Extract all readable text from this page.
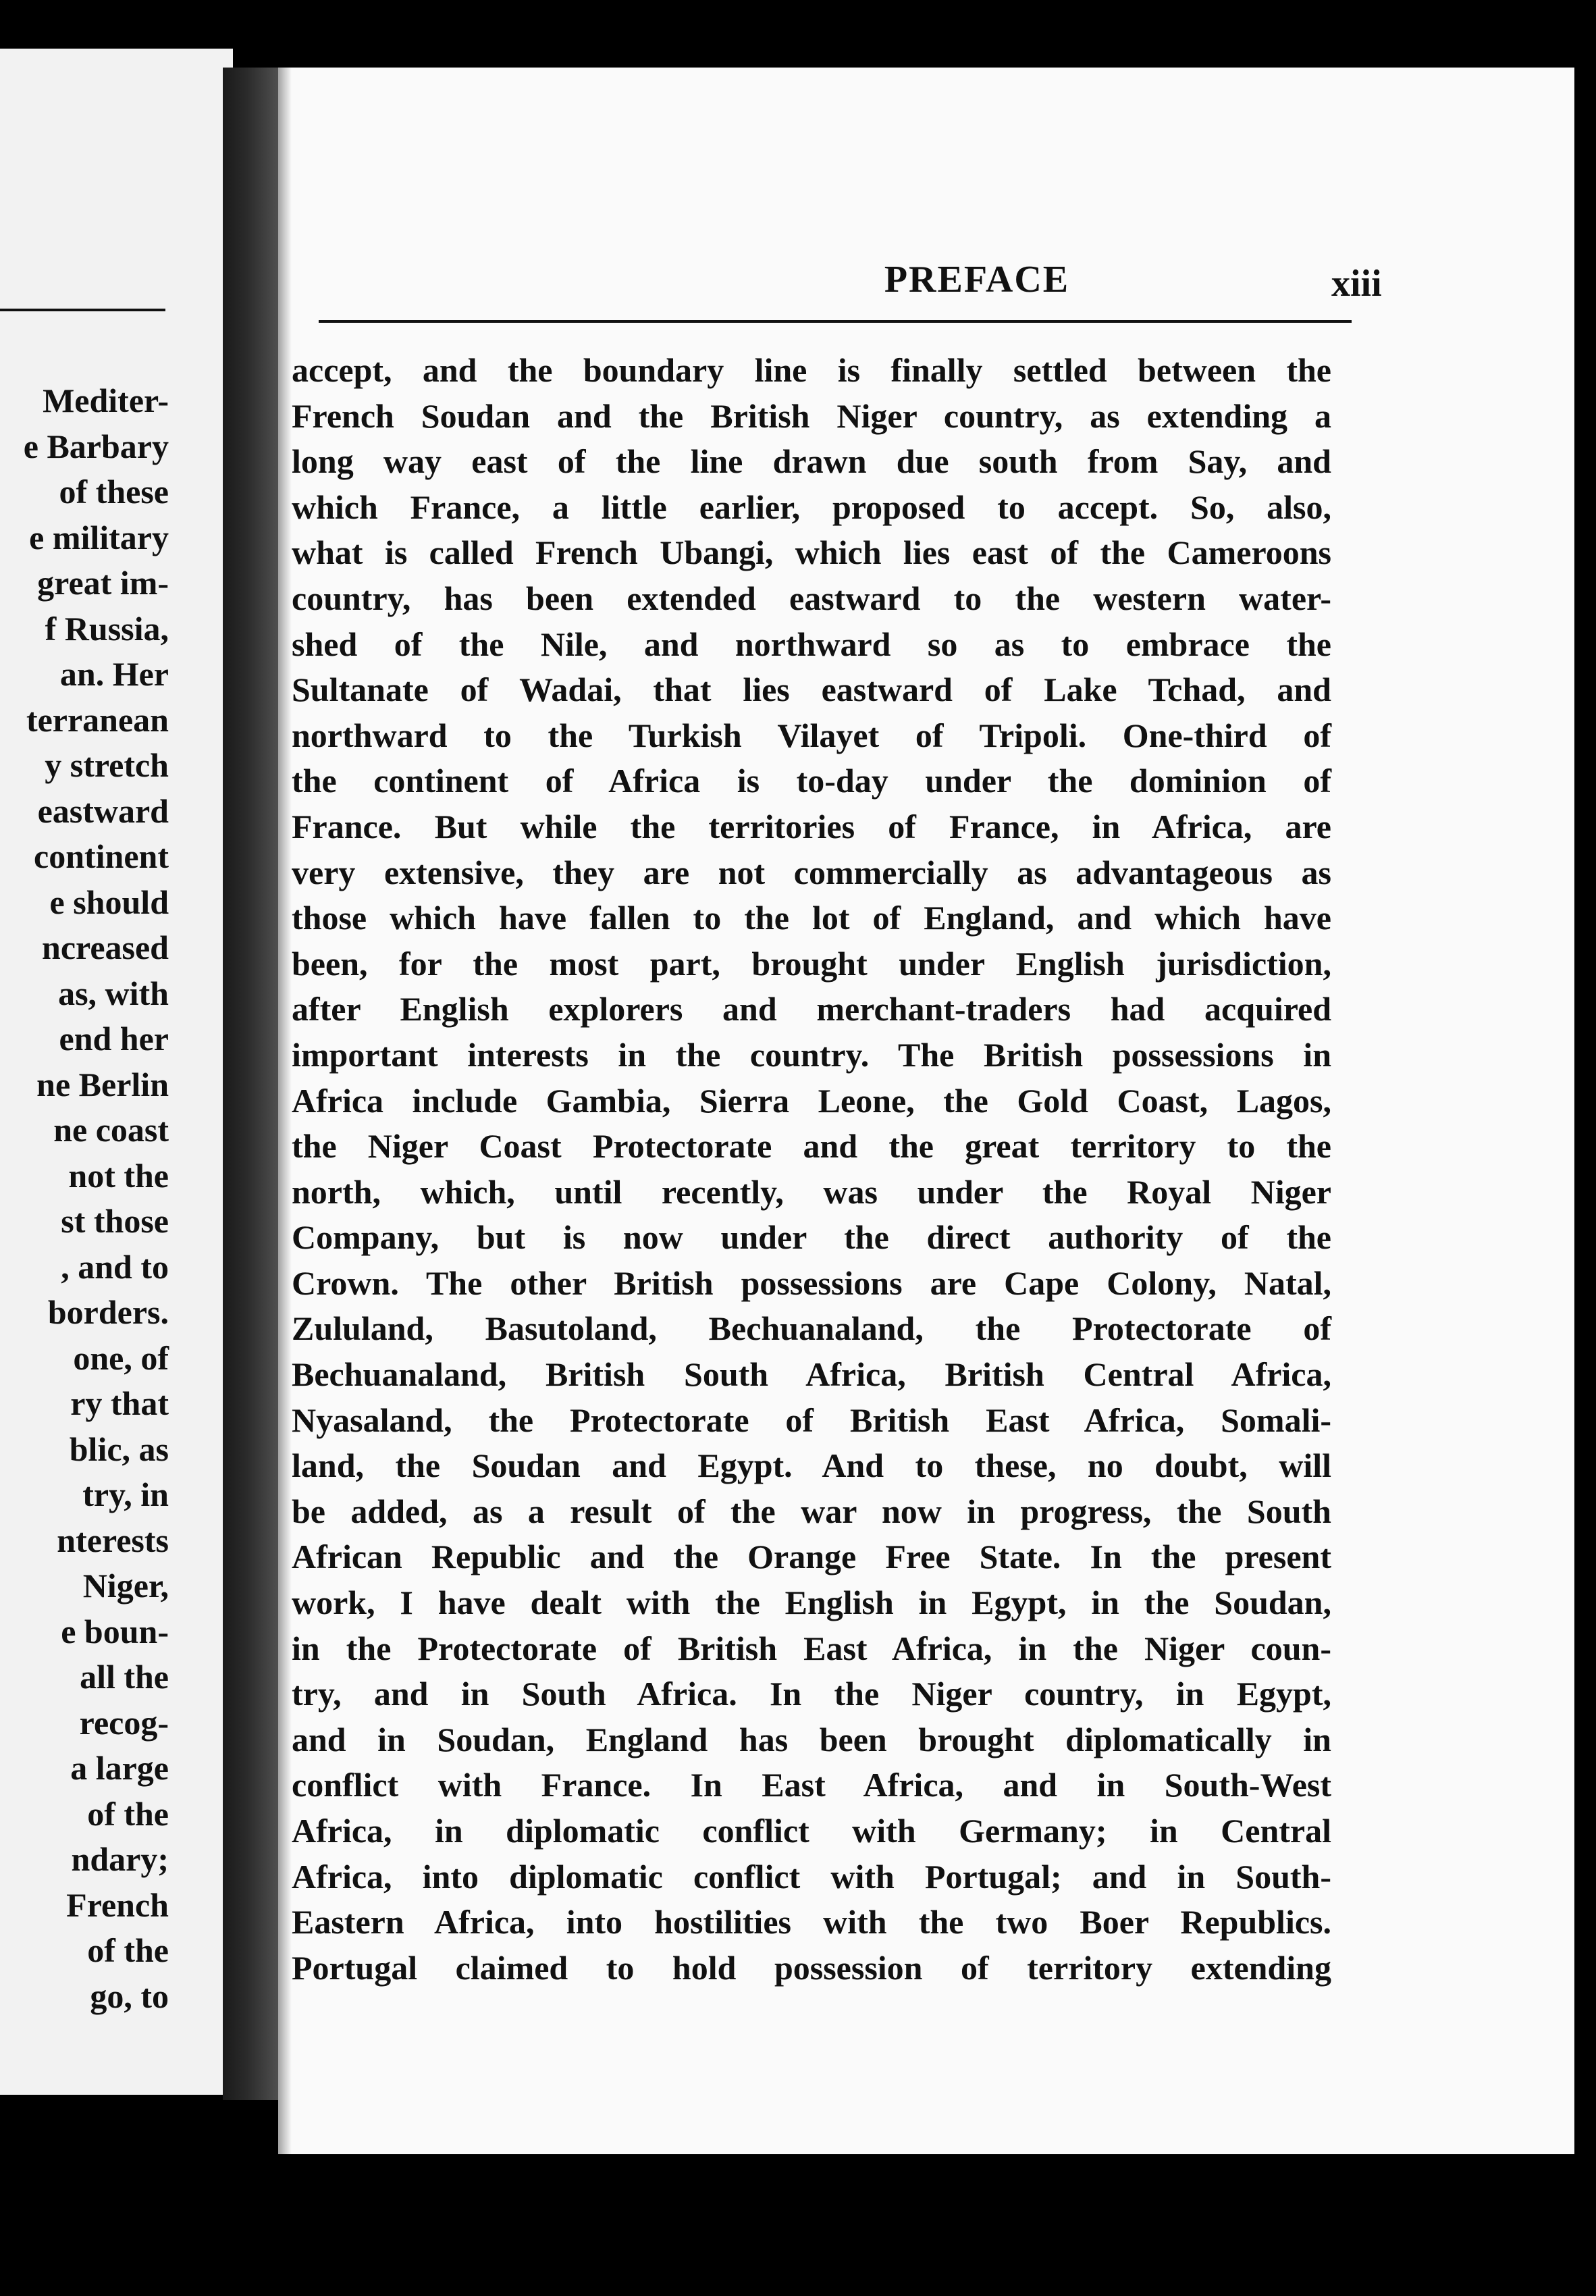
Mediter-
e Barbary
of these
e military
great im-
f Russia,
an. Her
terranean
y stretch
eastward
continent
e should
ncreased
as, with
end her
ne Berlin
ne coast
not the
st those
, and to
borders.
one, of
ry that
blic, as
try, in
nterests
Niger,
e boun-
all the
recog-
a large
of the
ndary;
French
of the
go, to
PREFACE	xiii
accept, and the boundary line is finally settled between the
French Soudan and the British Niger country, as extending a
long way east of the line drawn due south from Say, and
which France, a little earlier, proposed to accept. So, also,
what is called French Ubangi, which lies east of the Cameroons
country, has been extended eastward to the western water-
shed of the Nile, and northward so as to embrace the
Sultanate of Wadai, that lies eastward of Lake Tchad, and
northward to the Turkish Vilayet of Tripoli. One-third of
the continent of Africa is to-day under the dominion of
France. But while the territories of France, in Africa, are
very extensive, they are not commercially as advantageous as
those which have fallen to the lot of England, and which have
been, for the most part, brought under English jurisdiction,
after English explorers and merchant-traders had acquired
important interests in the country. The British possessions in
Africa include Gambia, Sierra Leone, the Gold Coast, Lagos,
the Niger Coast Protectorate and the great territory to the
north, which, until recently, was under the Royal Niger
Company, but is now under the direct authority of the
Crown. The other British possessions are Cape Colony, Natal,
Zululand, Basutoland, Bechuanaland, the Protectorate of
Bechuanaland, British South Africa, British Central Africa,
Nyasaland, the Protectorate of British East Africa, Somali-
land, the Soudan and Egypt. And to these, no doubt, will
be added, as a result of the war now in progress, the South
African Republic and the Orange Free State. In the present
work, I have dealt with the English in Egypt, in the Soudan,
in the Protectorate of British East Africa, in the Niger coun-
try, and in South Africa. In the Niger country, in Egypt,
and in Soudan, England has been brought diplomatically in
conflict with France. In East Africa, and in South-West
Africa, in diplomatic conflict with Germany; in Central
Africa, into diplomatic conflict with Portugal; and in South-
Eastern Africa, into hostilities with the two Boer Republics.
Portugal claimed to hold possession of territory extending
